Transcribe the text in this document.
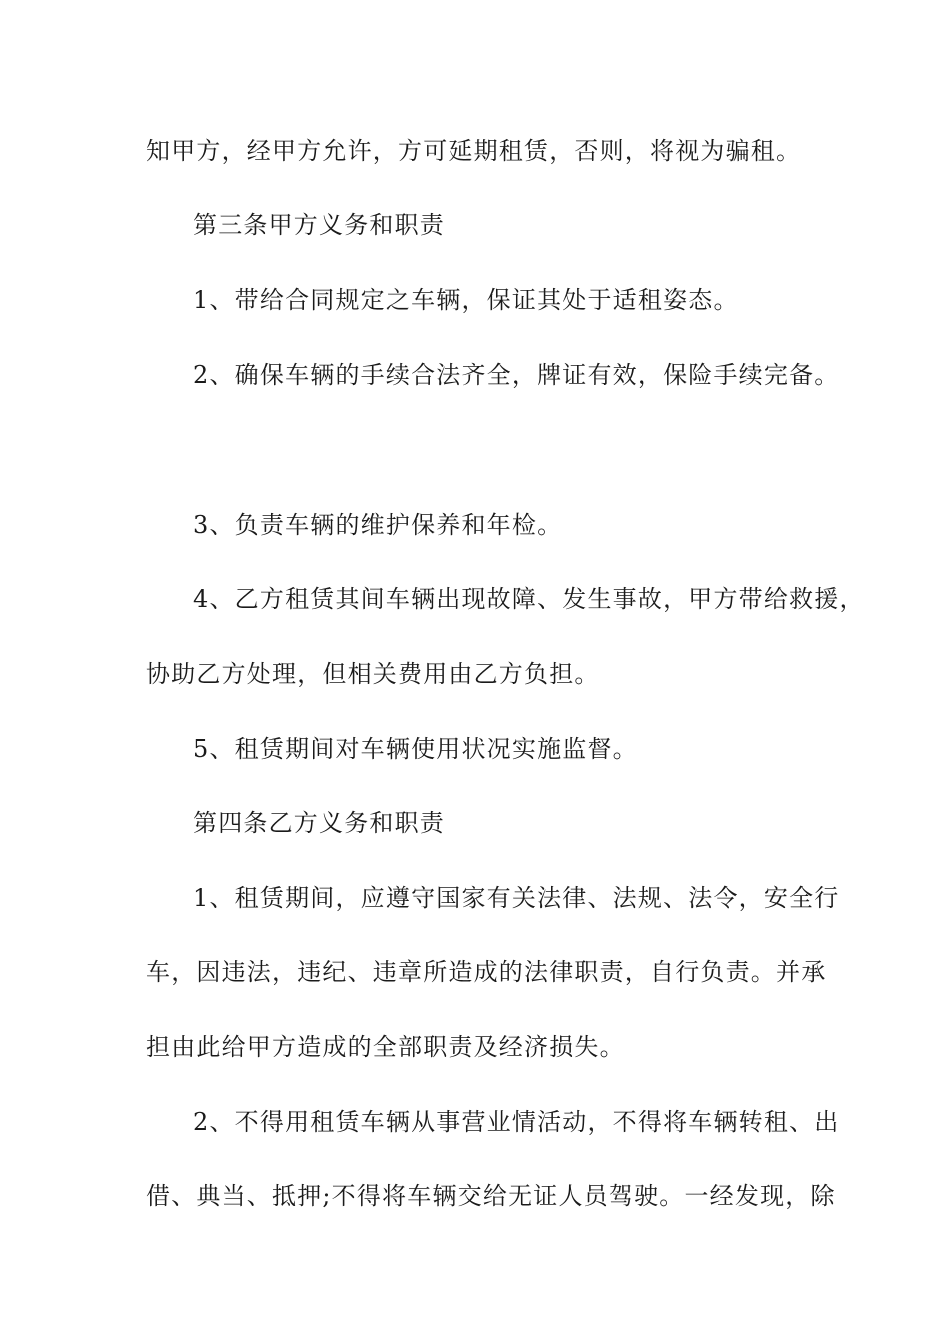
知甲方，经甲方允许，方可延期租赁，否则，将视为骗租。
第三条甲方义务和职责
1、带给合同规定之车辆，保证其处于适租姿态。
2、确保车辆的手续合法齐全，牌证有效，保险手续完备。
3、负责车辆的维护保养和年检。
4、乙方租赁其间车辆出现故障、发生事故，甲方带给救援，
协助乙方处理，但相关费用由乙方负担。
5、租赁期间对车辆使用状况实施监督。
第四条乙方义务和职责
1、租赁期间，应遵守国家有关法律、法规、法令，安全行
车，因违法，违纪、违章所造成的法律职责，自行负责。并承
担由此给甲方造成的全部职责及经济损失。
2、不得用租赁车辆从事营业情活动，不得将车辆转租、出
借、典当、抵押;不得将车辆交给无证人员驾驶。一经发现，除
